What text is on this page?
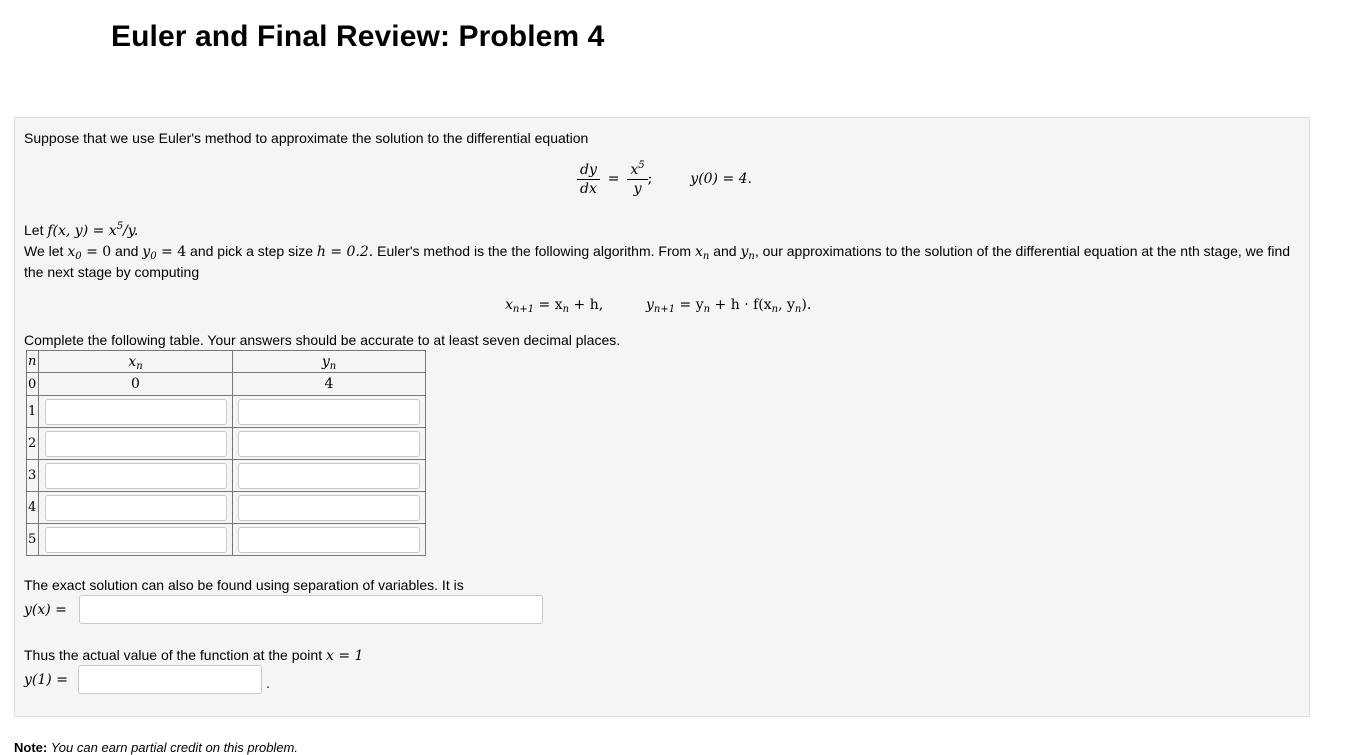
Euler and Final Review: Problem 4
Suppose that we use Euler's method to approximate the solution to the differential equation
$\frac{dy}{dx} = \frac{x^5}{y}$ ;	y(0) = 4.
Let f(x, $y) = x^5/y$.
We let $x_0 = 0$ and $y_0 = 4$ and pick a step size h = 0.2. Euler's method is the the following algorithm. From $x_n$ and $y_n$, our approximations to the solution of the differential equation at the nth stage, we find the next stage by computing
$x_{n+1} = x_n + h$,	$y_{n+1} = y_n + h \cdot f(x_n$, $y_n$).
Complete the following table. Your answers should be accurate to at least seven decimal places.
n	$x_n$	$y_n$
0	0	4
1	

2	

3	

4	

5	

The exact solution can also be found using separation of variables. It is
y(x) =
Thus the actual value of the function at the point x = 1
y(1) =	.
Note: You can earn partial credit on this problem.
